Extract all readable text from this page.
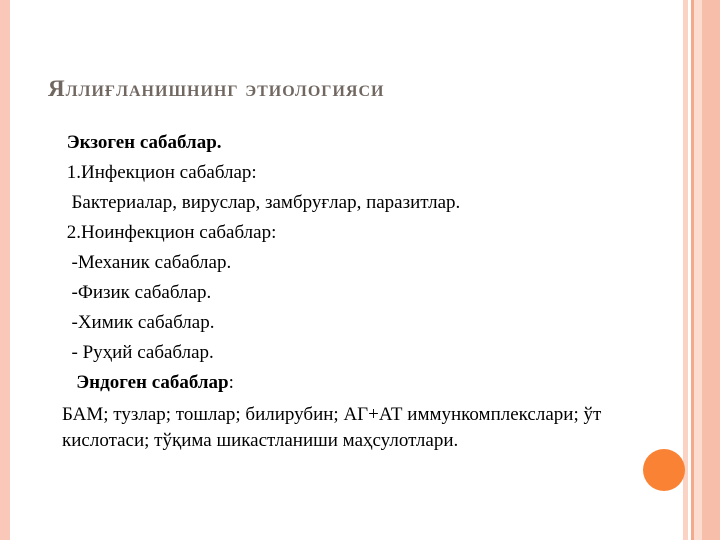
Яллиғланишнинг этиологияси

Экзоген сабаблар.

1.Инфекцион сабаблар:

Бактериалар, вируслар, замбруғлар, паразитлар.

2.Ноинфекцион сабаблар:

-Механик сабаблар.

-Физик сабаблар.

-Химик сабаблар.

- Руҳий сабаблар.

Эндоген сабаблар:

БАМ; тузлар; тошлар; билирубин; АГ+АТ иммункомплекслари; ўт кислотаси; тўқима шикастланиши маҳсулотлари.
